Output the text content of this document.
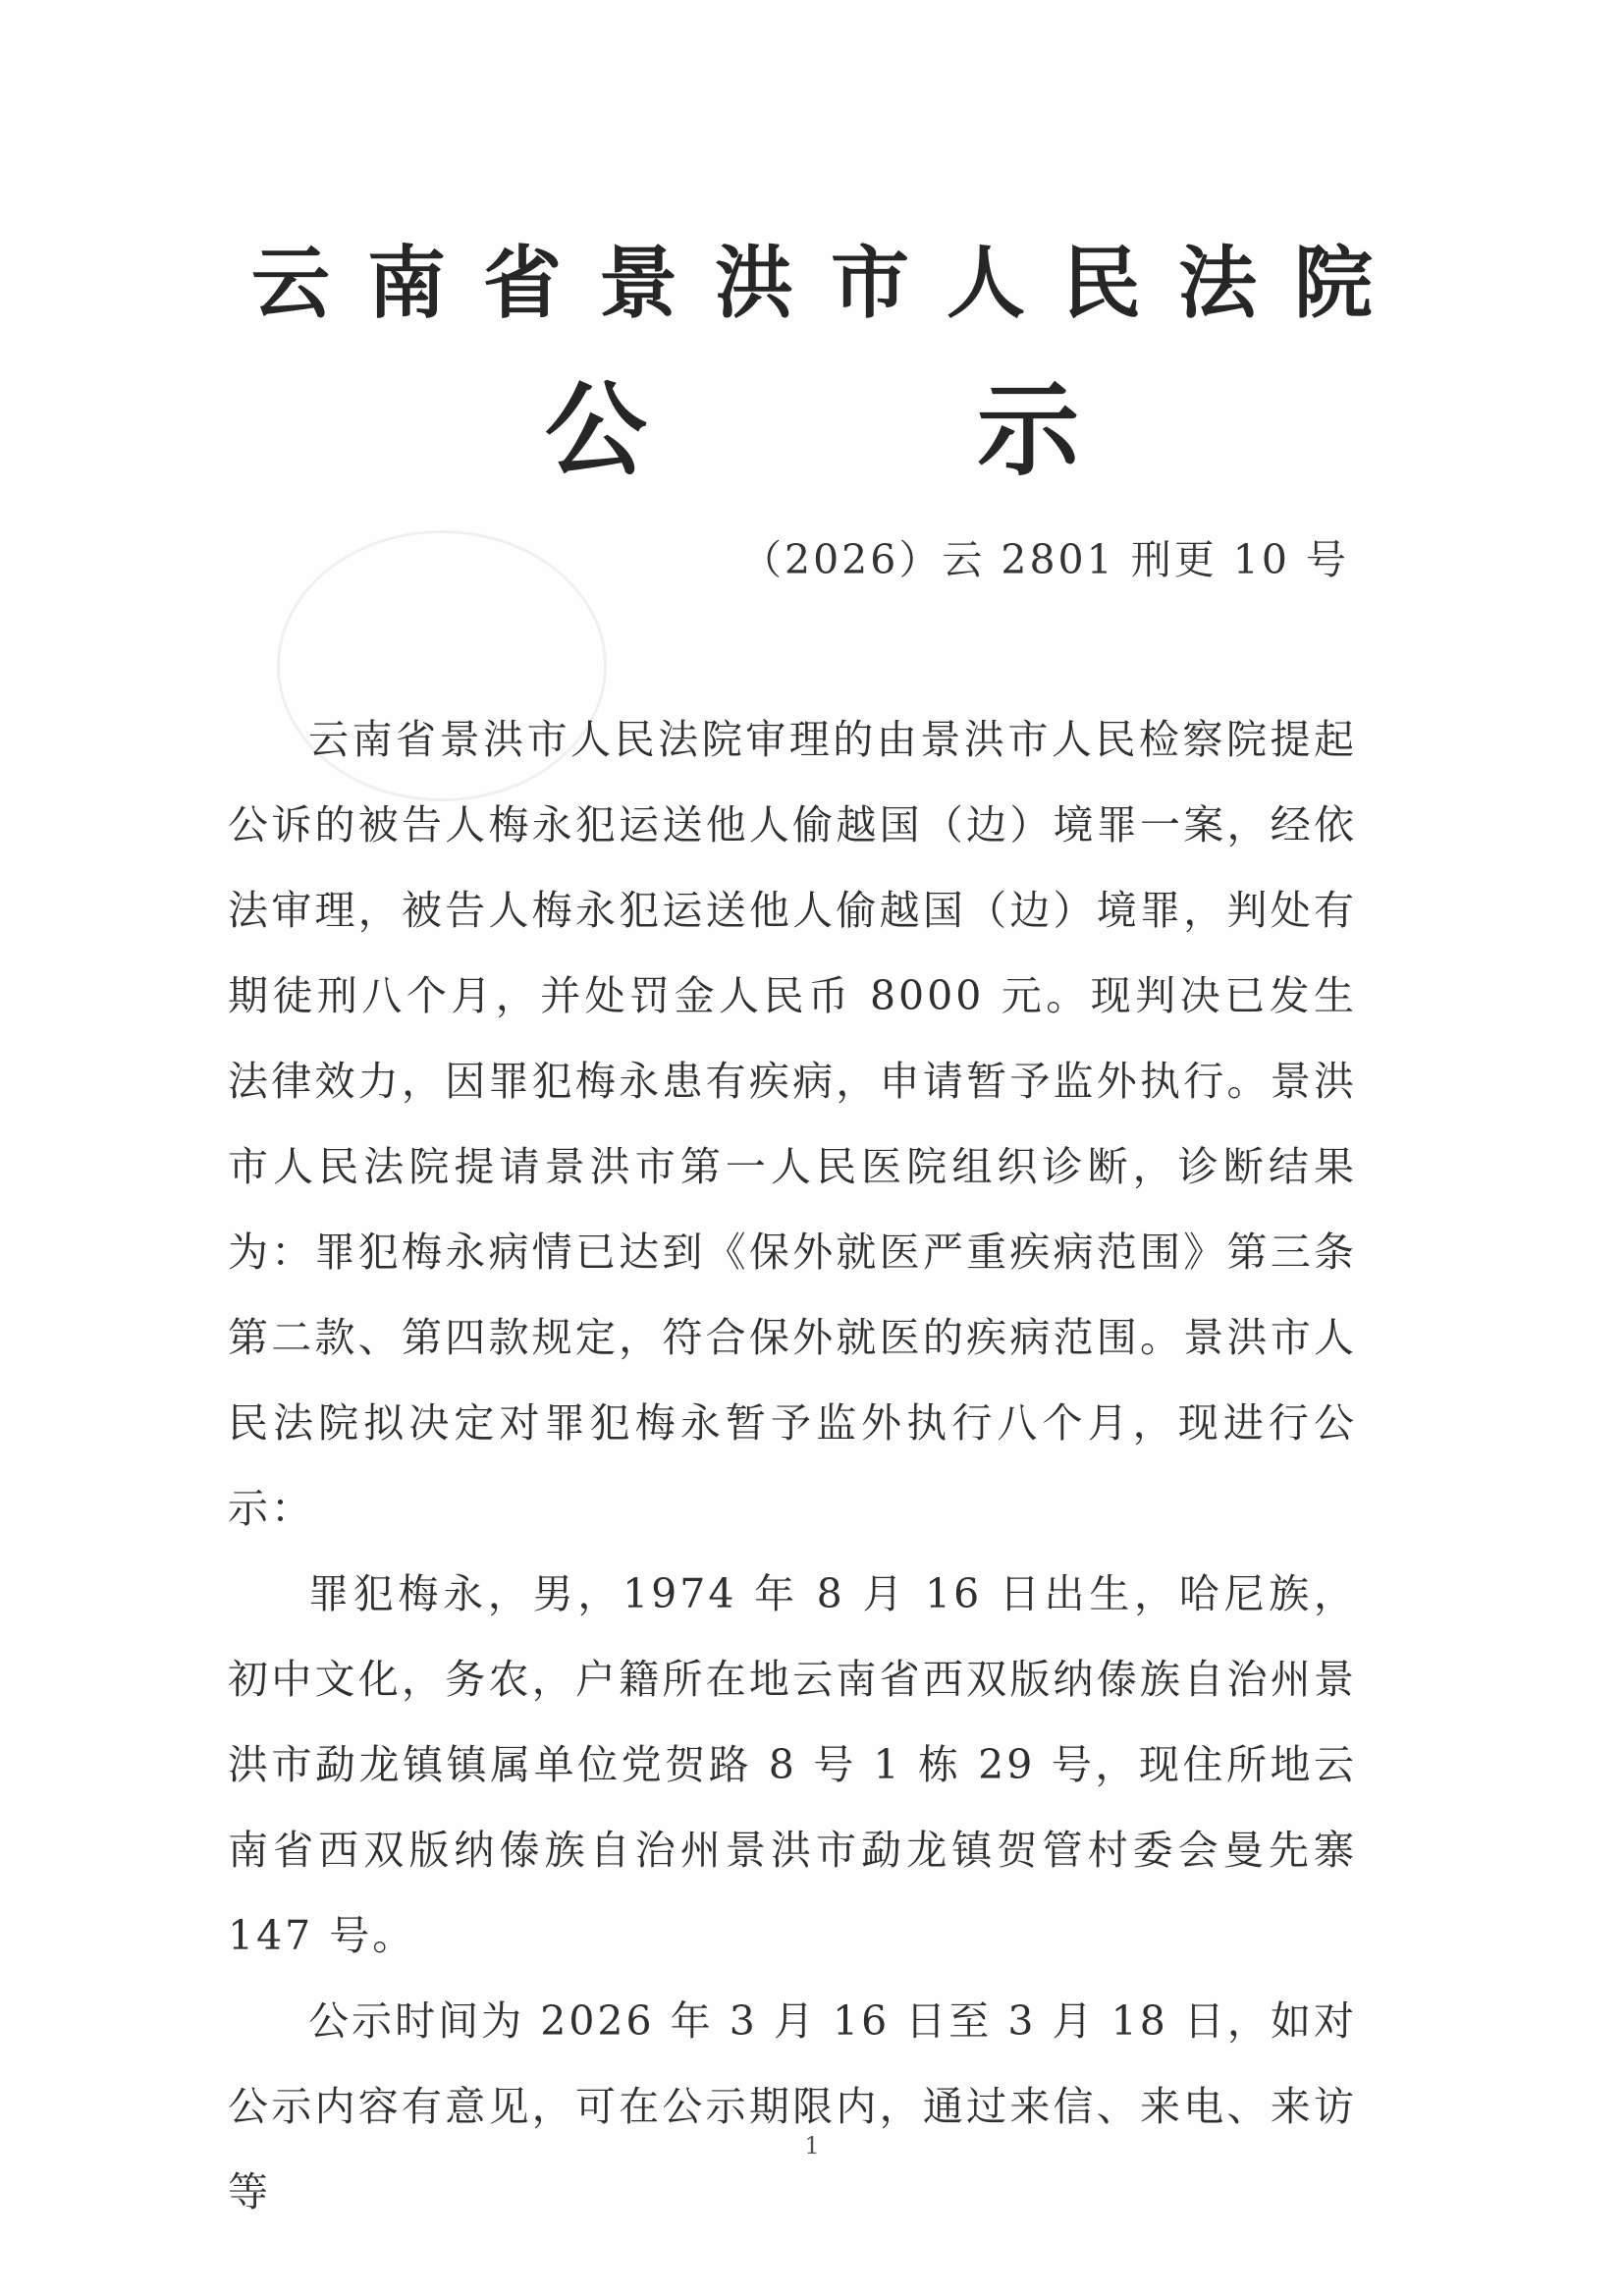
云南省景洪市人民法院
公 示
（2026）云 2801 刑更 10 号

云南省景洪市人民法院审理的由景洪市人民检察院提起公诉的被告人梅永犯运送他人偷越国（边）境罪一案，经依法审理，被告人梅永犯运送他人偷越国（边）境罪，判处有期徒刑八个月，并处罚金人民币 8000 元。现判决已发生法律效力，因罪犯梅永患有疾病，申请暂予监外执行。景洪市人民法院提请景洪市第一人民医院组织诊断，诊断结果为：罪犯梅永病情已达到《保外就医严重疾病范围》第三条第二款、第四款规定，符合保外就医的疾病范围。景洪市人民法院拟决定对罪犯梅永暂予监外执行八个月，现进行公示：

罪犯梅永，男，1974 年 8 月 16 日出生，哈尼族，初中文化，务农，户籍所在地云南省西双版纳傣族自治州景洪市勐龙镇镇属单位党贺路 8 号 1 栋 29 号，现住所地云南省西双版纳傣族自治州景洪市勐龙镇贺管村委会曼先寨 147 号。

公示时间为 2026 年 3 月 16 日至 3 月 18 日，如对公示内容有意见，可在公示期限内，通过来信、来电、来访等

1
